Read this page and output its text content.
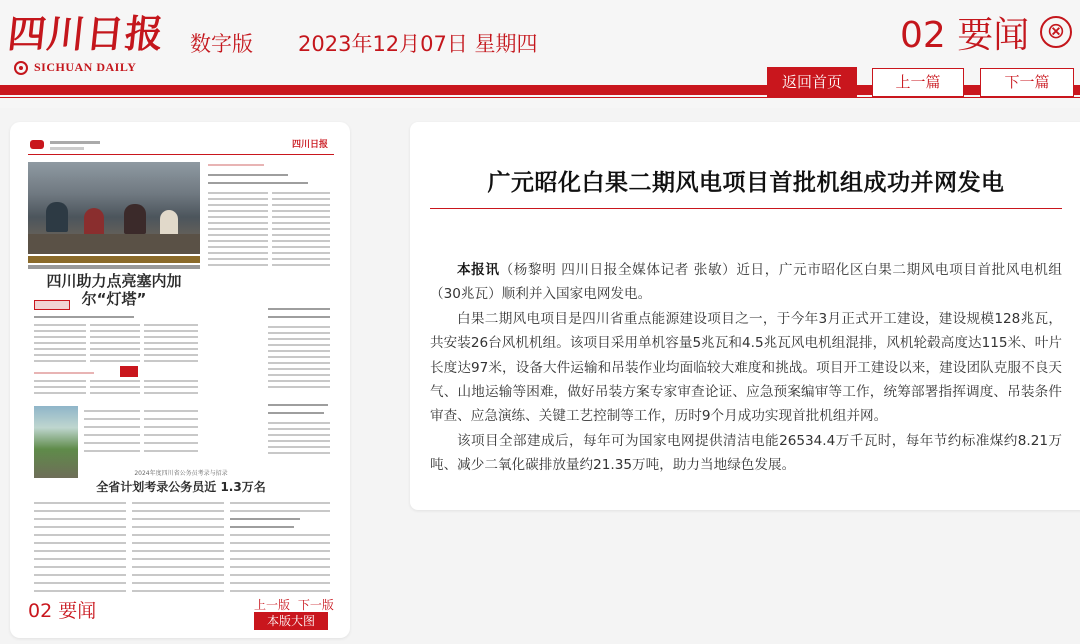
四川日报
SICHUAN DAILY
数字版 2023年12月07日 星期四	02 要闻 ⊗
返回首页	上一篇	下一篇
四川日报
四川助力点亮塞内加尔“灯塔”
2024年度四川省公务员考录与招录
全省计划考录公务员近 1.3万名
02 要闻	上一版 下一版
本版大图
广元昭化白果二期风电项目首批机组成功并网发电

本报讯（杨黎明 四川日报全媒体记者 张敏）近日，广元市昭化区白果二期风电项目首批风电机组（30兆瓦）顺利并入国家电网发电。

白果二期风电项目是四川省重点能源建设项目之一，于今年3月正式开工建设，建设规模128兆瓦，共安装26台风机机组。该项目采用单机容量5兆瓦和4.5兆瓦风电机组混排，风机轮毂高度达115米、叶片长度达97米，设备大件运输和吊装作业均面临较大难度和挑战。项目开工建设以来，建设团队克服不良天气、山地运输等困难，做好吊装方案专家审查论证、应急预案编审等工作，统筹部署指挥调度、吊装条件审查、应急演练、关键工艺控制等工作，历时9个月成功实现首批机组并网。

该项目全部建成后，每年可为国家电网提供清洁电能26534.4万千瓦时，每年节约标准煤约8.21万吨、减少二氧化碳排放量约21.35万吨，助力当地绿色发展。
